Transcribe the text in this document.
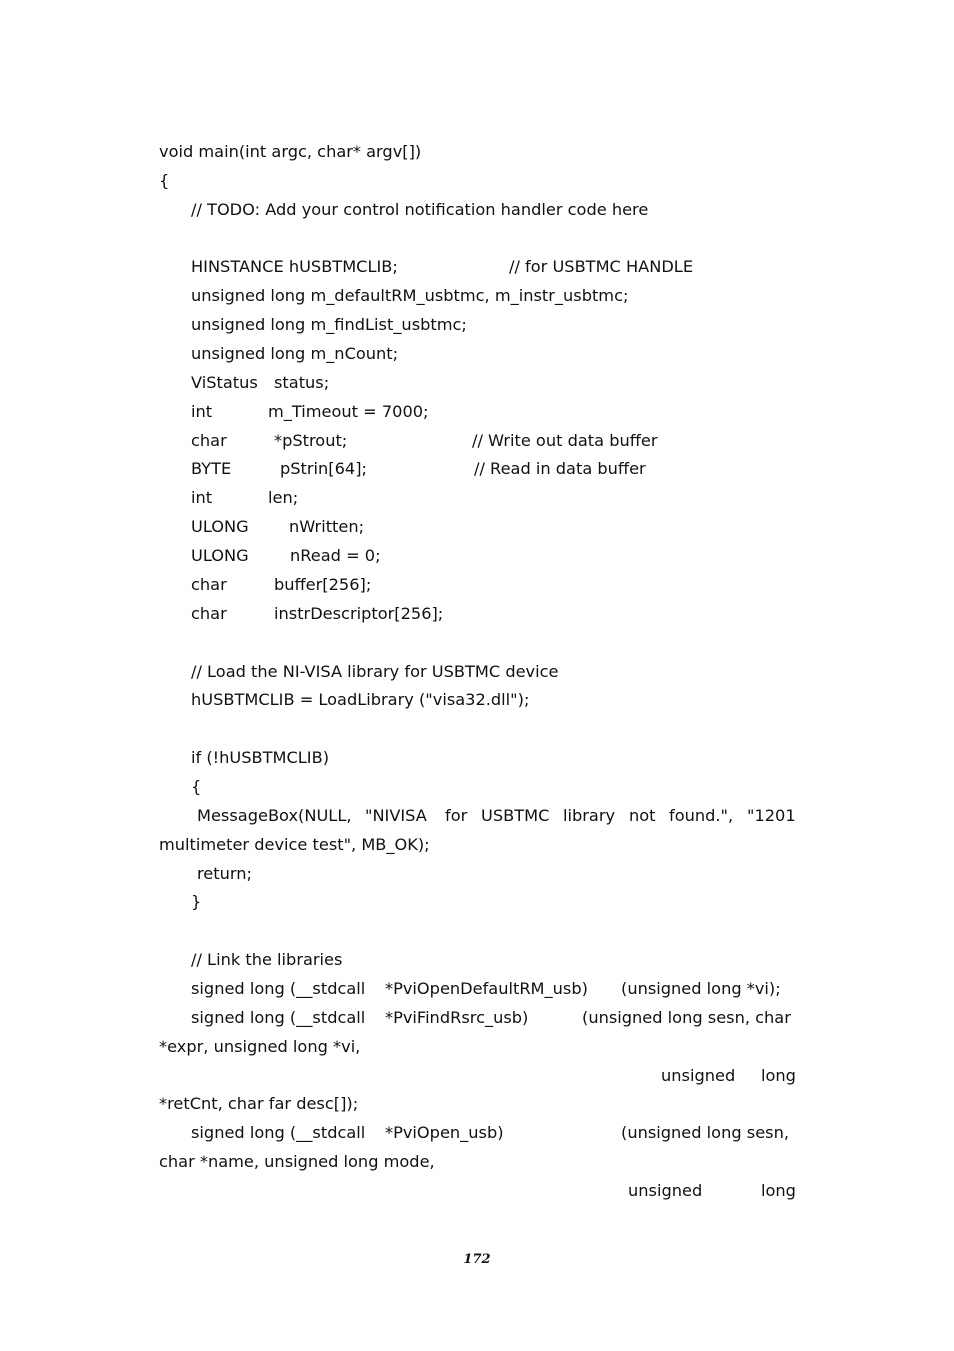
void main(int argc, char* argv[])
{
// TODO: Add your control notification handler code here
HINSTANCE hUSBTMCLIB;	// for USBTMC HANDLE
unsigned long m_defaultRM_usbtmc, m_instr_usbtmc;
unsigned long m_findList_usbtmc;
unsigned long m_nCount;
ViStatus status;
int	m_Timeout = 7000;
char	*pStrout;	// Write out data buffer
BYTE	pStrin[64];	// Read in data buffer
int	len;
ULONG nWritten;
ULONG	nRead = 0;
char	buffer[256];
char	instrDescriptor[256];
// Load the NI-VISA library for USBTMC device
hUSBTMCLIB = LoadLibrary ("visa32.dll");
if (!hUSBTMCLIB)
{
MessageBox(NULL, "NIVISA for USBTMC library not found.", "1201
multimeter device test", MB_OK);
return;
}
// Link the libraries
signed long (__stdcall *PviOpenDefaultRM_usb) (unsigned long *vi);
signed long (__stdcall *PviFindRsrc_usb)	(unsigned long sesn, char
*expr, unsigned long *vi,
unsigned long
*retCnt, char far desc[]);
signed long (__stdcall *PviOpen_usb)	(unsigned long sesn,
char *name, unsigned long mode,
unsigned	long
172
